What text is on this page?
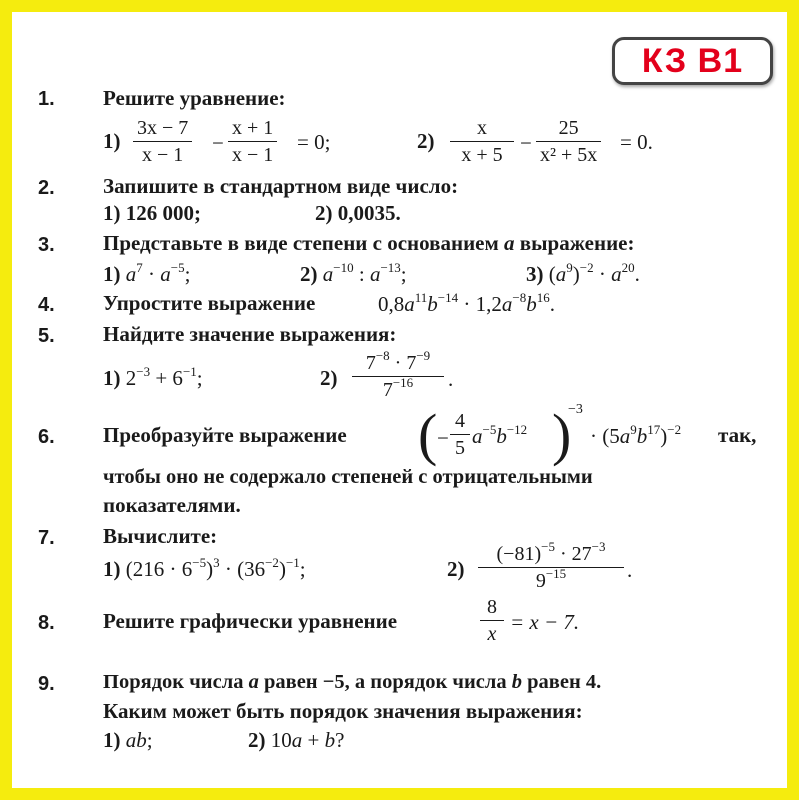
КЗ В1
1. Решите уравнение:
$1) \frac{3x - 7}{x - 1} - \frac{x + 1}{x - 1} = 0$;	$2) \frac{x}{x + 5} - \frac{25}{\text{x² + 5x}} = 0$.
2. Запишите в стандартном виде число:
1) 126 000;	2) 0,0035.
3. Представьте в виде степени с основанием a выражение:
1) $a^7 \cdot a^{-5}$;	2) $a^{-10}$ : $a^{-13}$;	3) $(a^9)^{-2} \cdot a^{20}$.
4. Упростите выражение	$0,8a^{11}b^{-14} \cdot 1,2a^{-8}b^{16}$.
5. Найдите значение выражения:
1) $2^{-3} + 6^{-1}$;	$2) \frac{7^{-8} \cdot 7^{-9}}{7^{-16}}$ .
6. Преобразуйте выражение ( − $\frac{4}{5} a^{-5}b^{-12}$ )
−3
· $(5a^9b^{17})^{-2}$ так,
чтобы оно не содержало степеней с отрицательными
показателями.
7. Вычислите:
1) $(216 \cdot 6^{-5})^3 \cdot (36^{-2})^{-1}$;	$2) \frac{(-81)^{-5} \cdot 27^{-3}}{9^{-15}}$ .
8. Решите графически уравнение	$\frac{8}{x} = x - 7$.
9. Порядок числа a равен −5, а порядок числа b равен 4.
Каким может быть порядок значения выражения:
1) ab;	2) 10a + b?
